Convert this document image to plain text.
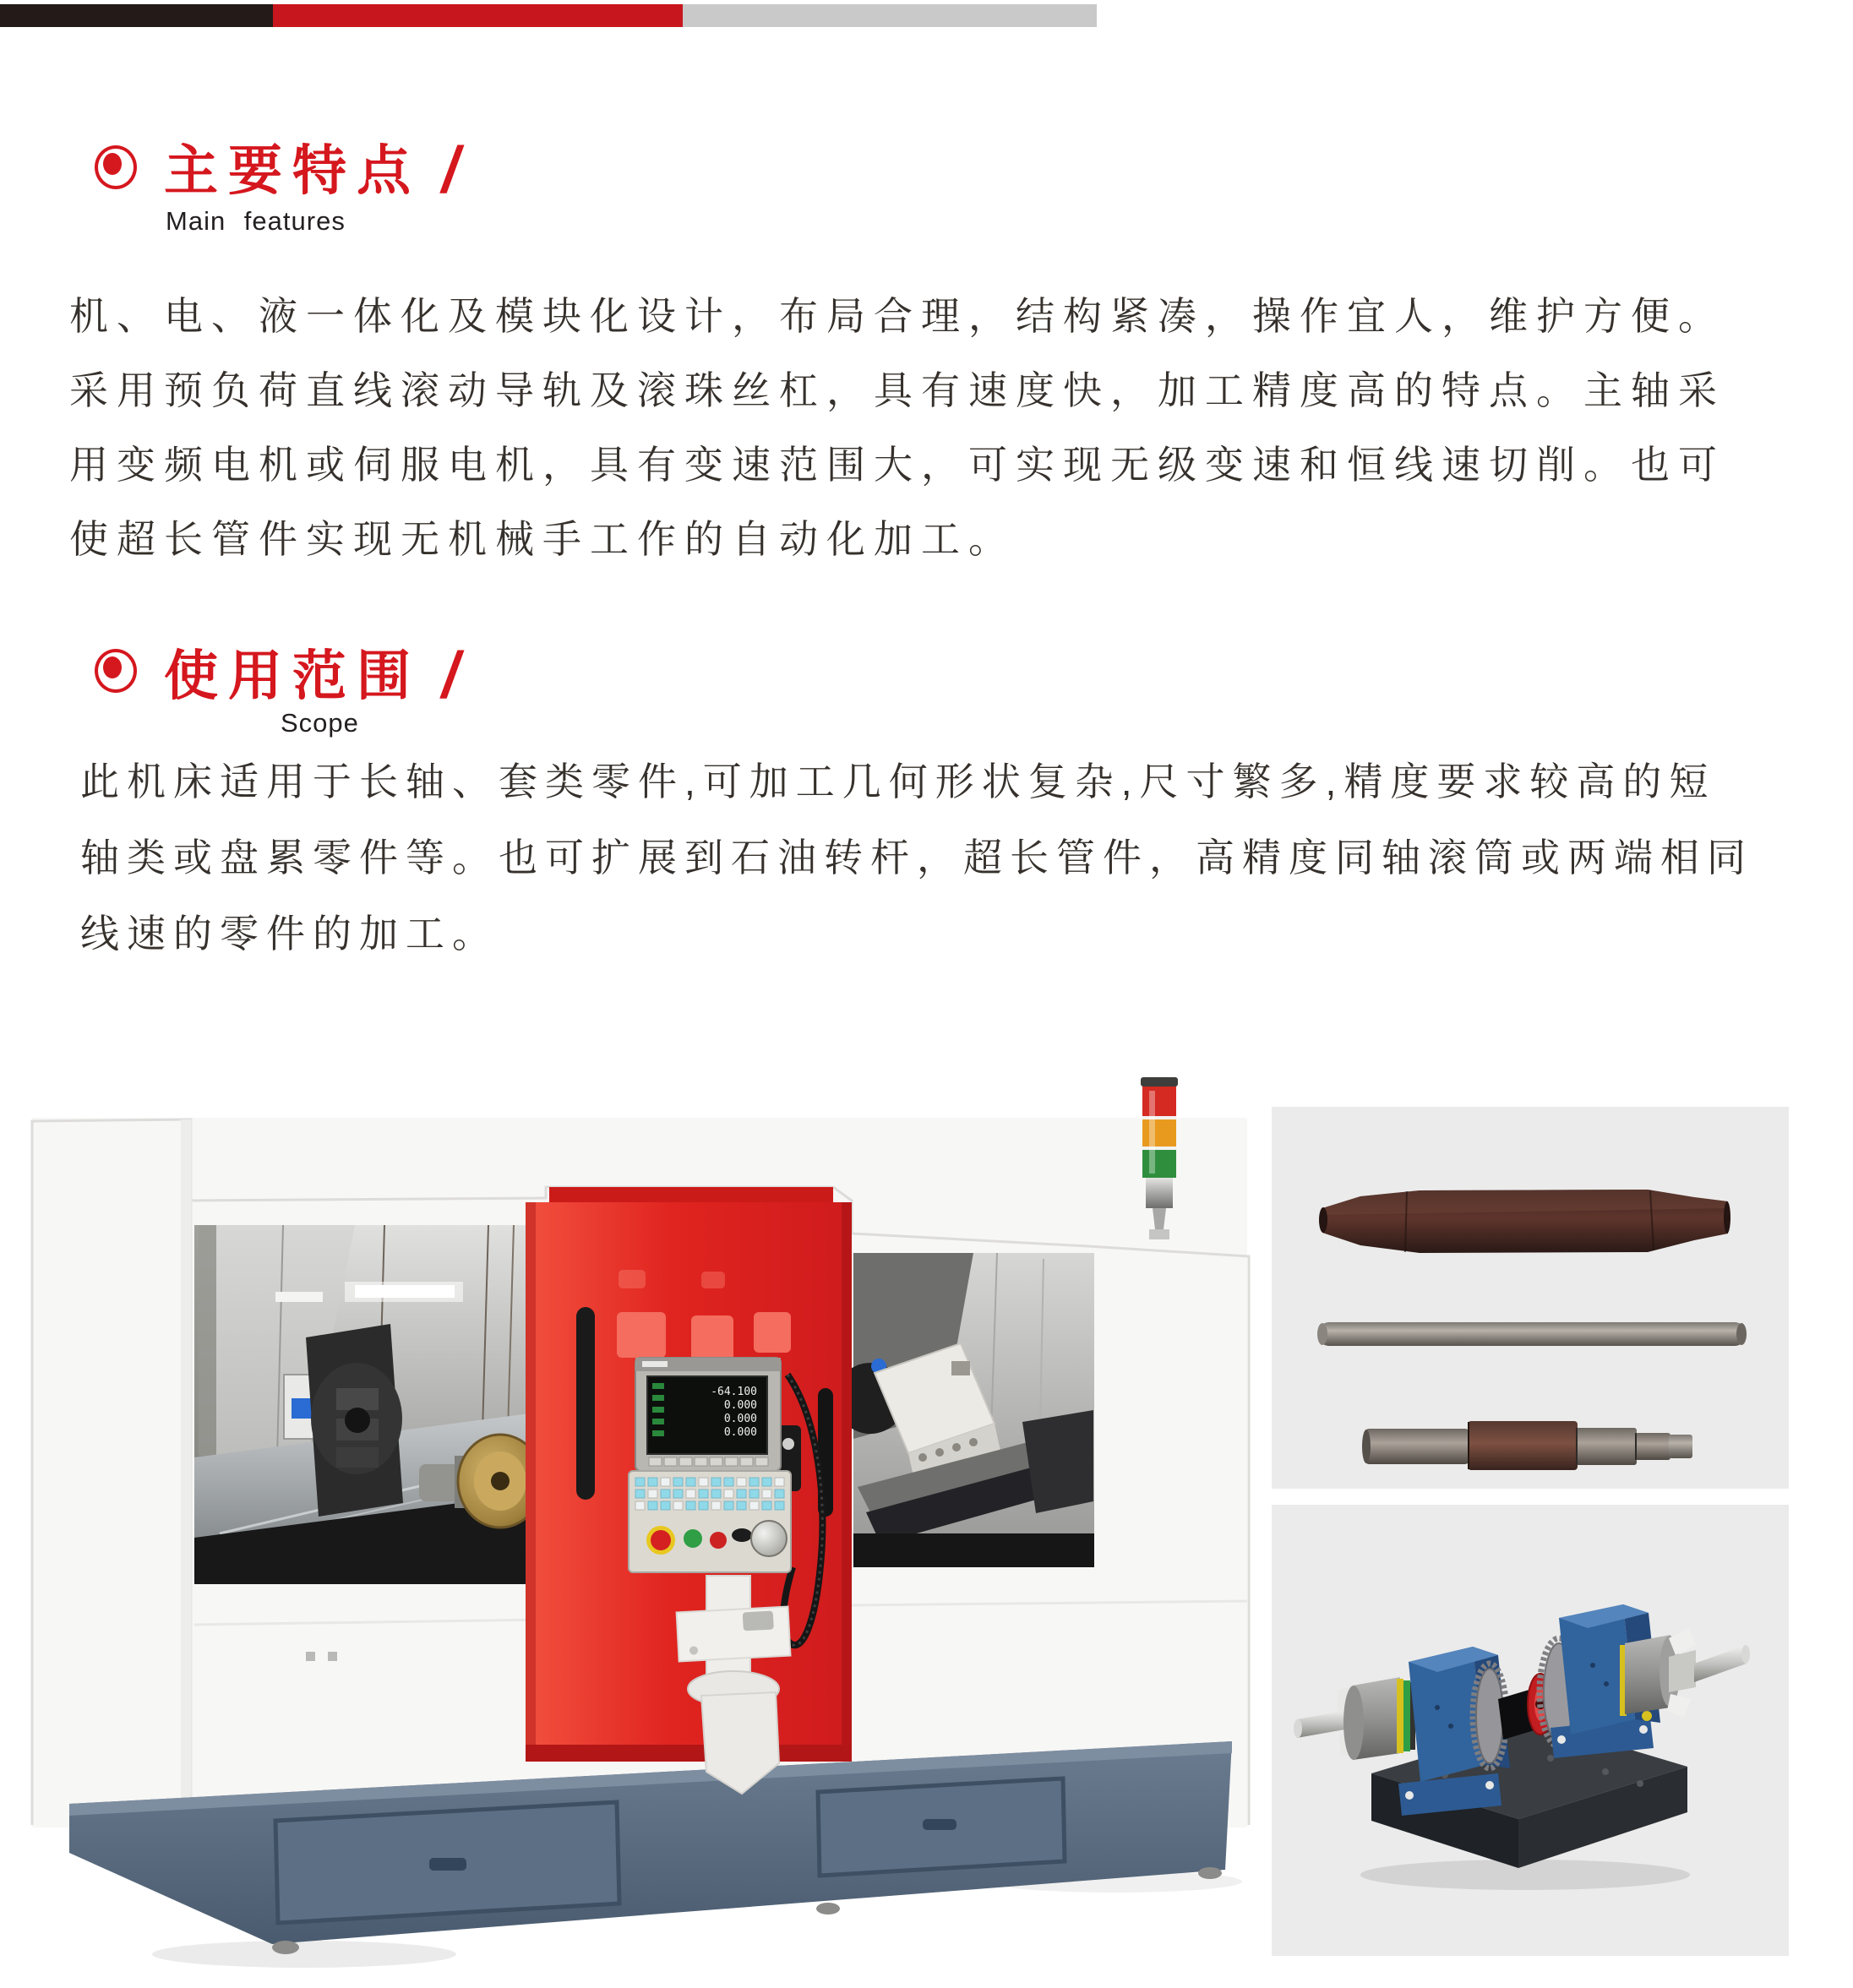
主要特点 /
Main features
机、电、液一体化及模块化设计，布局合理，结构紧凑，操作宜人，维护方便。
采用预负荷直线滚动导轨及滚珠丝杠，具有速度快，加工精度高的特点。主轴采
用变频电机或伺服电机，具有变速范围大，可实现无级变速和恒线速切削。也可
使超长管件实现无机械手工作的自动化加工。
使用范围 /
Scope
此机床适用于长轴、套类零件,可加工几何形状复杂,尺寸繁多,精度要求较高的短
轴类或盘累零件等。也可扩展到石油转杆，超长管件，高精度同轴滚筒或两端相同
线速的零件的加工。
-64.100
0.000
0.000
0.000
